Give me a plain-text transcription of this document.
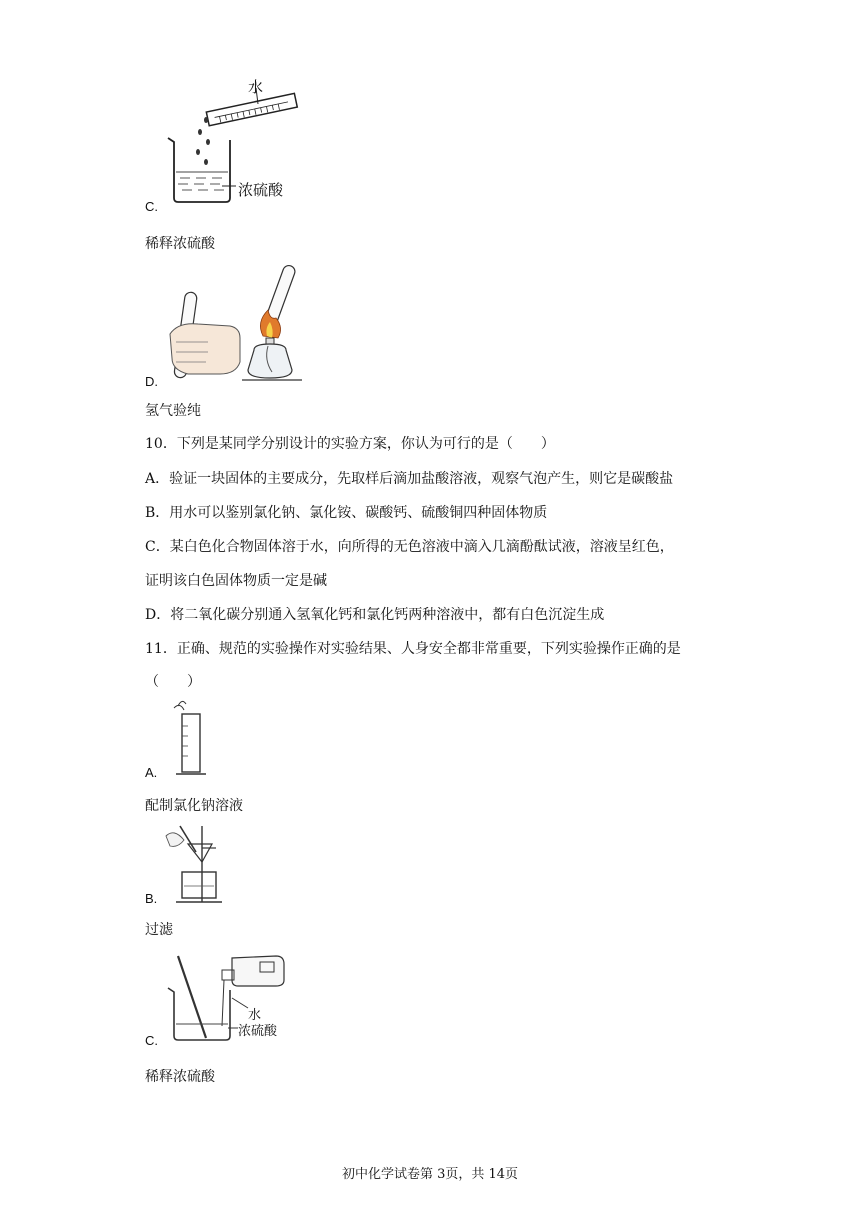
水
浓硫酸
C.
稀释浓硫酸
D.
氢气验纯
10．下列是某同学分别设计的实验方案，你认为可行的是（　　）
A．验证一块固体的主要成分，先取样后滴加盐酸溶液，观察气泡产生，则它是碳酸盐
B．用水可以鉴别氯化钠、氯化铵、碳酸钙、硫酸铜四种固体物质
C．某白色化合物固体溶于水，向所得的无色溶液中滴入几滴酚酞试液，溶液呈红色，
证明该白色固体物质一定是碱
D．将二氧化碳分别通入氢氧化钙和氯化钙两种溶液中，都有白色沉淀生成
11．正确、规范的实验操作对实验结果、人身安全都非常重要，下列实验操作正确的是
（　　）
A.
配制氯化钠溶液
B.
过滤
水
浓硫酸
C.
稀释浓硫酸
初中化学试卷第 3页，共 14页
